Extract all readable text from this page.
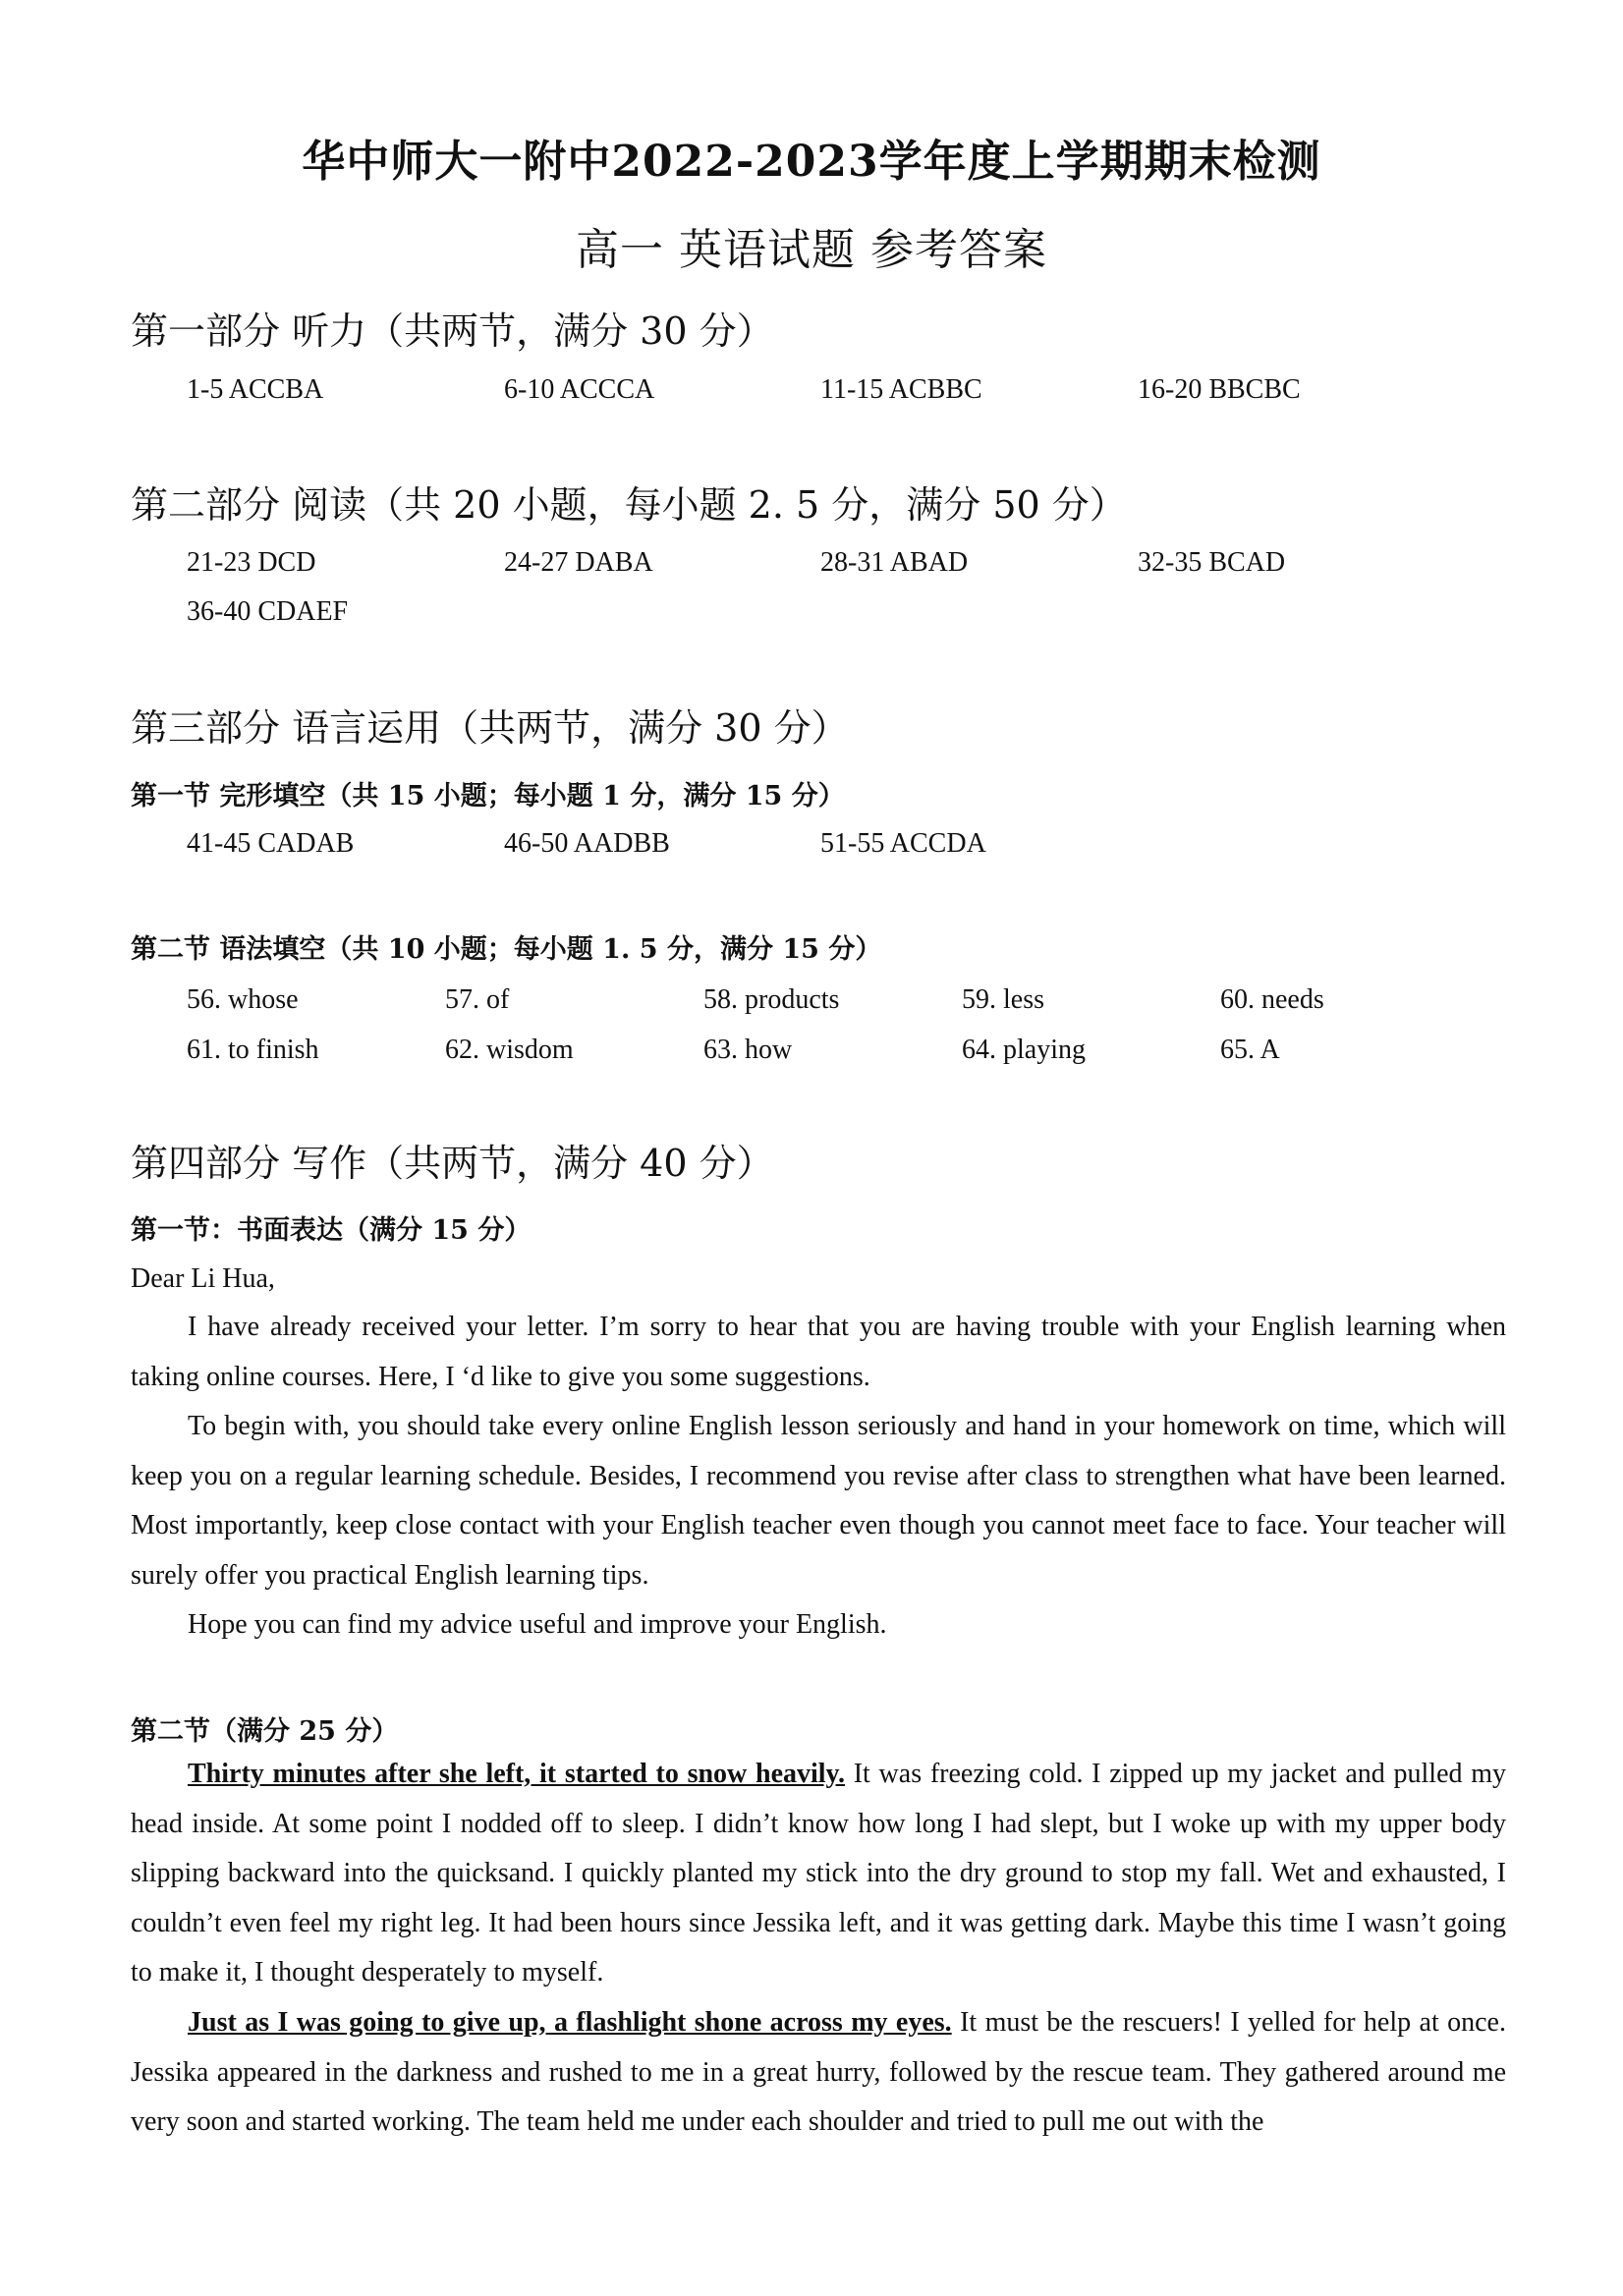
华中师大一附中2022-2023学年度上学期期末检测
高一 英语试题 参考答案
第一部分 听力（共两节，满分 30 分）
1-5 ACCBA	6-10 ACCCA	11-15 ACBBC	16-20 BBCBC
第二部分 阅读（共 20 小题，每小题 2. 5 分，满分 50 分）
21-23 DCD	24-27 DABA	28-31 ABAD	32-35 BCAD
36-40 CDAEF
第三部分 语言运用（共两节，满分 30 分）
第一节 完形填空（共 15 小题；每小题 1 分，满分 15 分）
41-45 CADAB	46-50 AADBB	51-55 ACCDA
第二节 语法填空（共 10 小题；每小题 1. 5 分，满分 15 分）
56. whose	57. of	58. products	59. less	60. needs
61. to finish	62. wisdom	63. how	64. playing	65. A
第四部分 写作（共两节，满分 40 分）
第一节：书面表达（满分 15 分）
Dear Li Hua,
I have already received your letter. I’m sorry to hear that you are having trouble with your English learning when taking online courses. Here, I ‘d like to give you some suggestions.
To begin with, you should take every online English lesson seriously and hand in your homework on time, which will keep you on a regular learning schedule. Besides, I recommend you revise after class to strengthen what have been learned. Most importantly, keep close contact with your English teacher even though you cannot meet face to face. Your teacher will surely offer you practical English learning tips.
Hope you can find my advice useful and improve your English.
第二节（满分 25 分）
Thirty minutes after she left, it started to snow heavily. It was freezing cold. I zipped up my jacket and pulled my head inside. At some point I nodded off to sleep. I didn’t know how long I had slept, but I woke up with my upper body slipping backward into the quicksand. I quickly planted my stick into the dry ground to stop my fall. Wet and exhausted, I couldn’t even feel my right leg. It had been hours since Jessika left, and it was getting dark. Maybe this time I wasn’t going to make it, I thought desperately to myself.
Just as I was going to give up, a flashlight shone across my eyes. It must be the rescuers! I yelled for help at once. Jessika appeared in the darkness and rushed to me in a great hurry, followed by the rescue team. They gathered around me very soon and started working. The team held me under each shoulder and tried to pull me out with the
